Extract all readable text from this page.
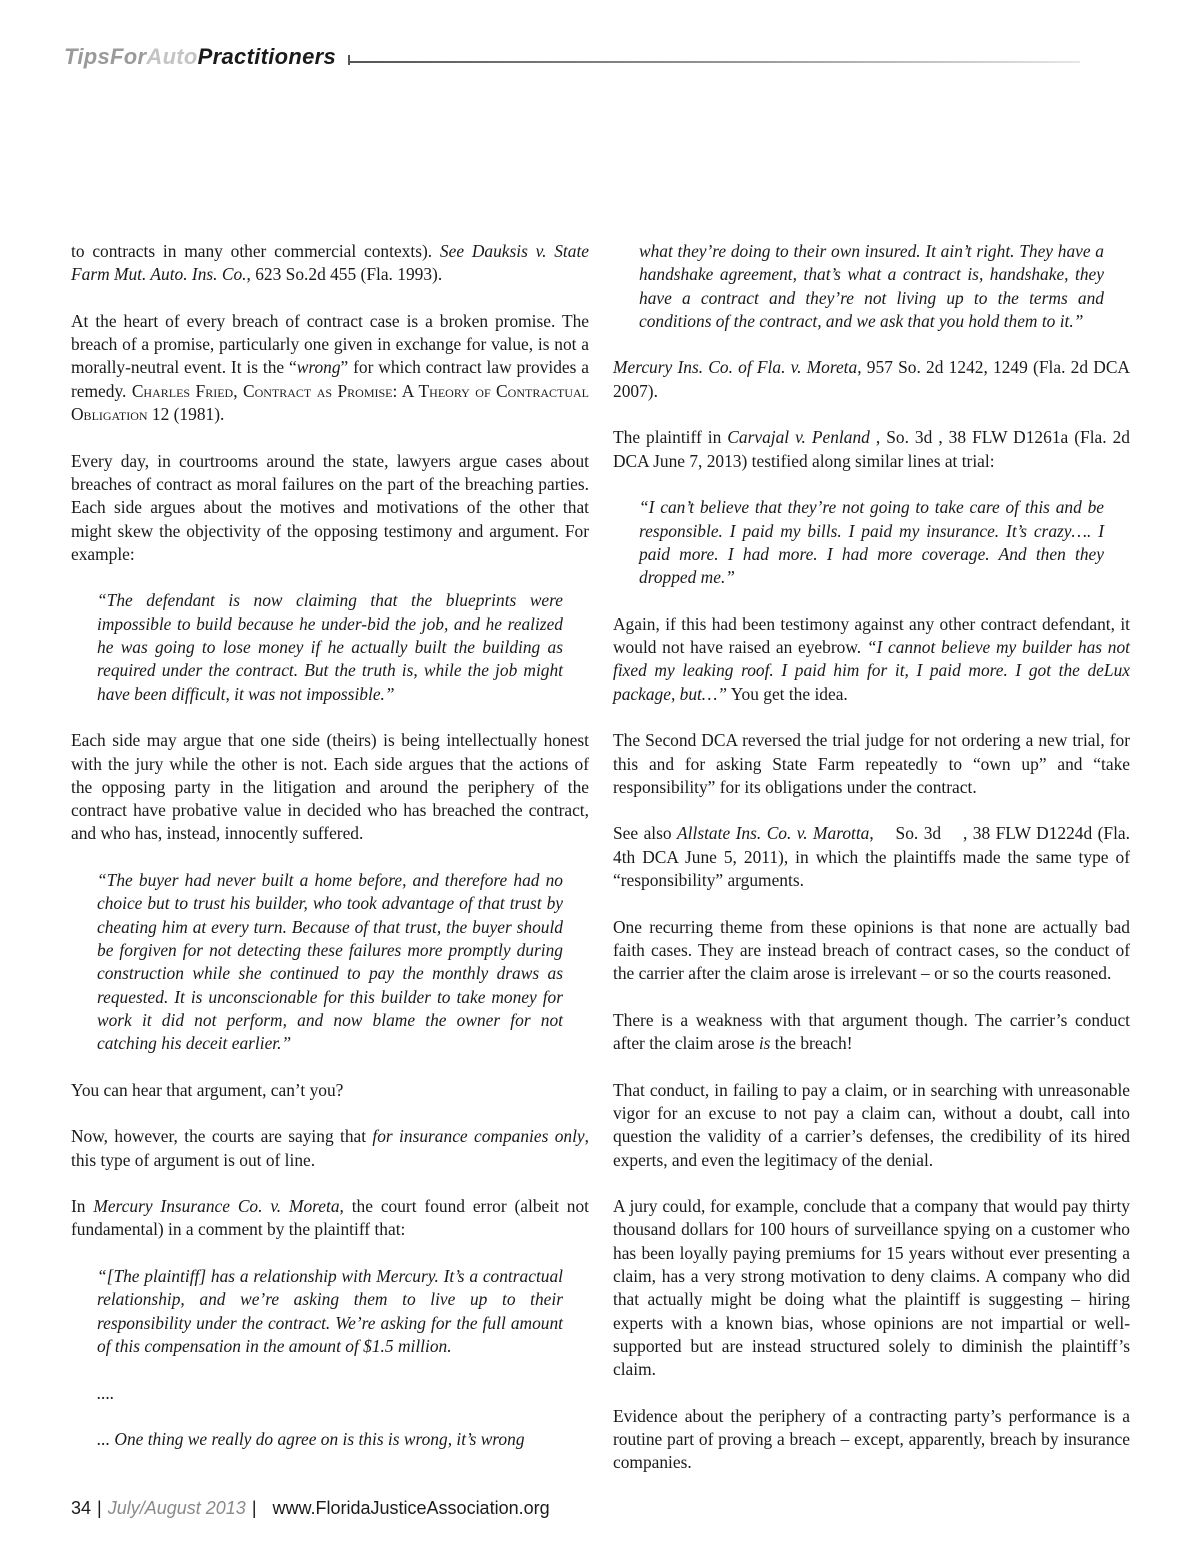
TipsForAutoPractitioners

to contracts in many other commercial contexts). See Dauksis v. State Farm Mut. Auto. Ins. Co., 623 So.2d 455 (Fla. 1993).

At the heart of every breach of contract case is a broken promise. The breach of a promise, particularly one given in exchange for value, is not a morally-neutral event. It is the “wrong” for which contract law provides a remedy. Charles Fried, Contract as Promise: A Theory of Contractual Obligation 12 (1981).

Every day, in courtrooms around the state, lawyers argue cases about breaches of contract as moral failures on the part of the breaching parties. Each side argues about the motives and motivations of the other that might skew the objectivity of the opposing testimony and argument. For example:

“The defendant is now claiming that the blueprints were impossible to build because he under-bid the job, and he realized he was going to lose money if he actually built the building as required under the contract. But the truth is, while the job might have been difficult, it was not impossible.”

Each side may argue that one side (theirs) is being intellectually honest with the jury while the other is not. Each side argues that the actions of the opposing party in the litigation and around the periphery of the contract have probative value in decided who has breached the contract, and who has, instead, innocently suffered.

“The buyer had never built a home before, and therefore had no choice but to trust his builder, who took advantage of that trust by cheating him at every turn. Because of that trust, the buyer should be forgiven for not detecting these failures more promptly during construction while she continued to pay the monthly draws as requested. It is unconscionable for this builder to take money for work it did not perform, and now blame the owner for not catching his deceit earlier.”

You can hear that argument, can’t you?

Now, however, the courts are saying that for insurance companies only, this type of argument is out of line.

In Mercury Insurance Co. v. Moreta, the court found error (albeit not fundamental) in a comment by the plaintiff that:

“[The plaintiff] has a relationship with Mercury. It’s a contractual relationship, and we’re asking them to live up to their responsibility under the contract. We’re asking for the full amount of this compensation in the amount of $1.5 million.

....

... One thing we really do agree on is this is wrong, it’s wrong

what they’re doing to their own insured. It ain’t right. They have a handshake agreement, that’s what a contract is, handshake, they have a contract and they’re not living up to the terms and conditions of the contract, and we ask that you hold them to it.”

Mercury Ins. Co. of Fla. v. Moreta, 957 So. 2d 1242, 1249 (Fla. 2d DCA 2007).

The plaintiff in Carvajal v. Penland , So. 3d , 38 FLW D1261a (Fla. 2d DCA June 7, 2013) testified along similar lines at trial:

“I can’t believe that they’re not going to take care of this and be responsible. I paid my bills. I paid my insurance. It’s crazy…. I paid more. I had more. I had more coverage. And then they dropped me.”

Again, if this had been testimony against any other contract defendant, it would not have raised an eyebrow. “I cannot believe my builder has not fixed my leaking roof. I paid him for it, I paid more. I got the deLux package, but…” You get the idea.

The Second DCA reversed the trial judge for not ordering a new trial, for this and for asking State Farm repeatedly to “own up” and “take responsibility” for its obligations under the contract.

See also Allstate Ins. Co. v. Marotta,    So. 3d    , 38 FLW D1224d (Fla. 4th DCA June 5, 2011), in which the plaintiffs made the same type of “responsibility” arguments.

One recurring theme from these opinions is that none are actually bad faith cases. They are instead breach of contract cases, so the conduct of the carrier after the claim arose is irrelevant – or so the courts reasoned.

There is a weakness with that argument though. The carrier’s conduct after the claim arose is the breach!

That conduct, in failing to pay a claim, or in searching with unreasonable vigor for an excuse to not pay a claim can, without a doubt, call into question the validity of a carrier’s defenses, the credibility of its hired experts, and even the legitimacy of the denial.

A jury could, for example, conclude that a company that would pay thirty thousand dollars for 100 hours of surveillance spying on a customer who has been loyally paying premiums for 15 years without ever presenting a claim, has a very strong motivation to deny claims. A company who did that actually might be doing what the plaintiff is suggesting – hiring experts with a known bias, whose opinions are not impartial or well-supported but are instead structured solely to diminish the plaintiff’s claim.

Evidence about the periphery of a contracting party’s performance is a routine part of proving a breach – except, apparently, breach by insurance companies.

34 | July/August 2013 | www.FloridaJusticeAssociation.org
